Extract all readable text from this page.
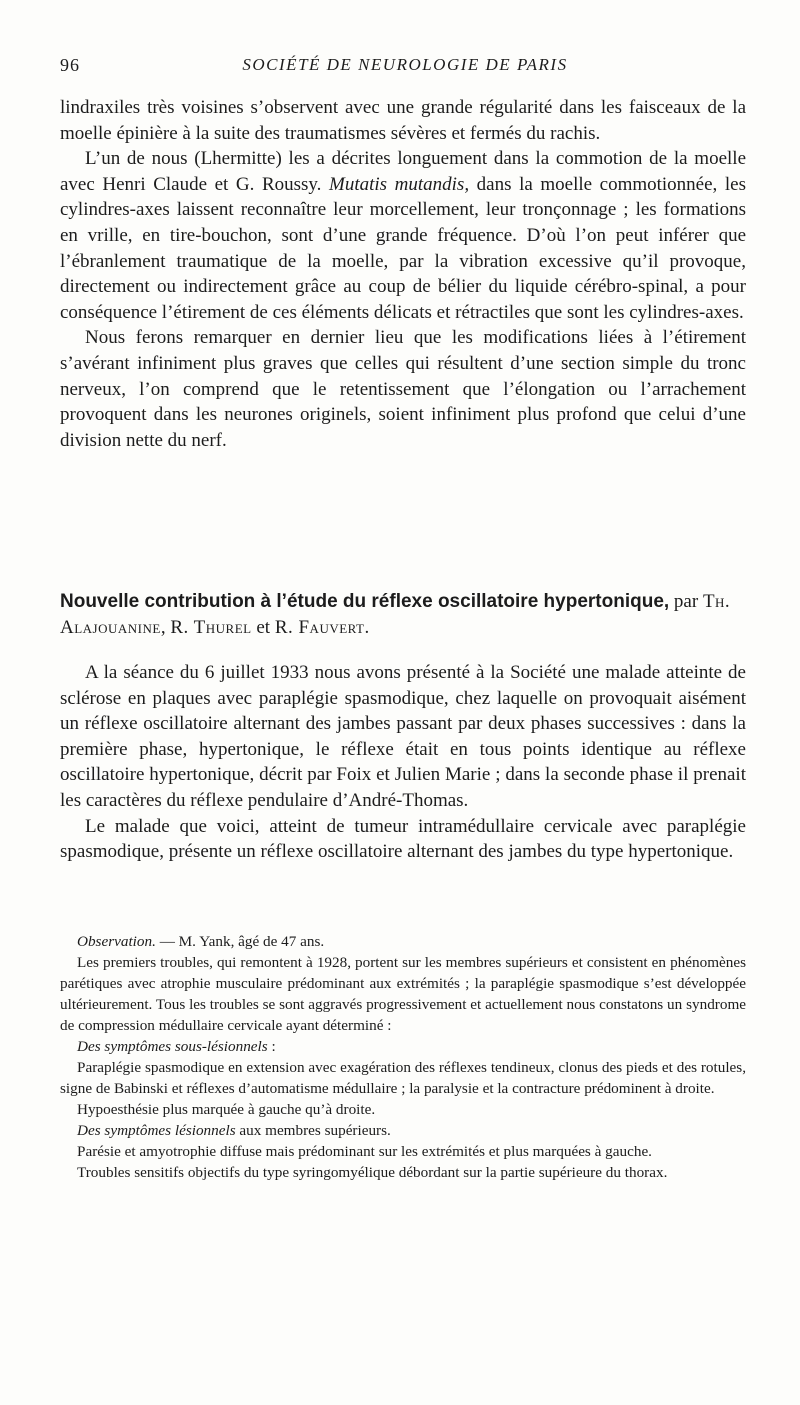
96	SOCIÉTÉ DE NEUROLOGIE DE PARIS

lindraxiles très voisines s’observent avec une grande régularité dans les faisceaux de la moelle épinière à la suite des traumatismes sévères et fermés du rachis.

L’un de nous (Lhermitte) les a décrites longuement dans la commotion de la moelle avec Henri Claude et G. Roussy. Mutatis mutandis, dans la moelle commotionnée, les cylindres-axes laissent reconnaître leur morcellement, leur tronçonnage ; les formations en vrille, en tire-bouchon, sont d’une grande fréquence. D’où l’on peut inférer que l’ébranlement traumatique de la moelle, par la vibration excessive qu’il provoque, directement ou indirectement grâce au coup de bélier du liquide cérébro-spinal, a pour conséquence l’étirement de ces éléments délicats et rétractiles que sont les cylindres-axes.

Nous ferons remarquer en dernier lieu que les modifications liées à l’étirement s’avérant infiniment plus graves que celles qui résultent d’une section simple du tronc nerveux, l’on comprend que le retentissement que l’élongation ou l’arrachement provoquent dans les neurones originels, soient infiniment plus profond que celui d’une division nette du nerf.

Nouvelle contribution à l’étude du réflexe oscillatoire hypertonique, par Th. Alajouanine, R. Thurel et R. Fauvert.

A la séance du 6 juillet 1933 nous avons présenté à la Société une malade atteinte de sclérose en plaques avec paraplégie spasmodique, chez laquelle on provoquait aisément un réflexe oscillatoire alternant des jambes passant par deux phases successives : dans la première phase, hypertonique, le réflexe était en tous points identique au réflexe oscillatoire hypertonique, décrit par Foix et Julien Marie ; dans la seconde phase il prenait les caractères du réflexe pendulaire d’André-Thomas.

Le malade que voici, atteint de tumeur intramédullaire cervicale avec paraplégie spasmodique, présente un réflexe oscillatoire alternant des jambes du type hypertonique.

Observation. — M. Yank, âgé de 47 ans.

Les premiers troubles, qui remontent à 1928, portent sur les membres supérieurs et consistent en phénomènes parétiques avec atrophie musculaire prédominant aux extrémités ; la paraplégie spasmodique s’est développée ultérieurement. Tous les troubles se sont aggravés progressivement et actuellement nous constatons un syndrome de compression médullaire cervicale ayant déterminé :

Des symptômes sous-lésionnels :

Paraplégie spasmodique en extension avec exagération des réflexes tendineux, clonus des pieds et des rotules, signe de Babinski et réflexes d’automatisme médullaire ; la paralysie et la contracture prédominent à droite.

Hypoesthésie plus marquée à gauche qu’à droite.

Des symptômes lésionnels aux membres supérieurs.

Parésie et amyotrophie diffuse mais prédominant sur les extrémités et plus marquées à gauche.

Troubles sensitifs objectifs du type syringomyélique débordant sur la partie supérieure du thorax.
